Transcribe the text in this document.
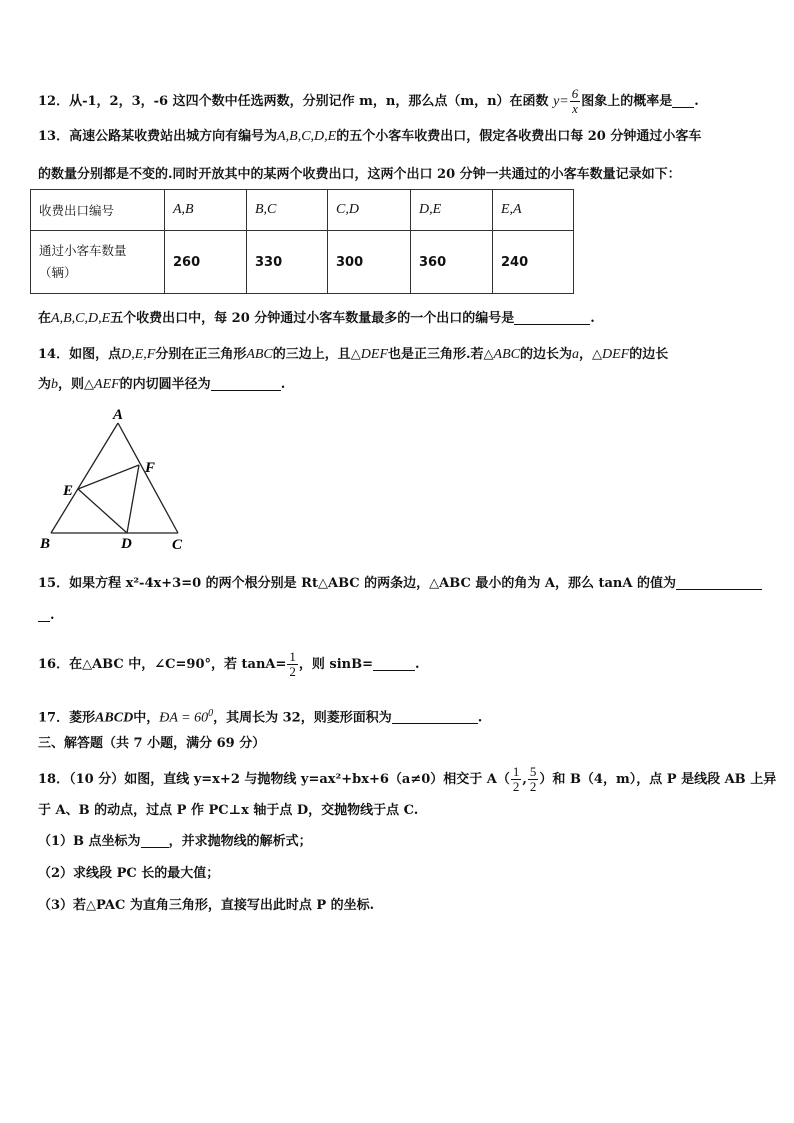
12．从-1，2，3，-6 这四个数中任选两数，分别记作 m，n，那么点（m，n）在函数 $y= \frac{6}{x}$ 图象上的概率是 .
13．高速公路某收费站出城方向有编号为A,B,C,D,E的五个小客车收费出口，假定各收费出口每 20 分钟通过小客车
的数量分别都是不变的.同时开放其中的某两个收费出口，这两个出口 20 分钟一共通过的小客车数量记录如下：
收费出口编号	A,B	B,C	C,D	D,E	E,A
通过小客车数量
（辆）	260	330	300	360	240
在A,B,C,D,E五个收费出口中，每 20 分钟通过小客车数量最多的一个出口的编号是	.
14．如图，点D,E,F分别在正三角形ABC的三边上，且△DEF也是正三角形.若△ABC的边长为a，△DEF的边长
为b，则△AEF的内切圆半径为	.
A
F
E
B	D	C
15．如果方程 x²-4x+3=0 的两个根分别是 Rt△ABC 的两条边，△ABC 最小的角为 A，那么 tanA 的值为
.
16．在△ABC 中，∠C=90°，若 $\tan A= \frac{1}{2}$ ，则 sinB=	.
17．菱形ABCD中，ÐA = $60^0$，其周长为 32，则菱形面积为	.
三、解答题（共 7 小题，满分 69 分）
18．（10 分）如图，直线 y=x+2 与抛物线 y=ax²+bx+6（a≠0）相交于 $A( \frac{1}{2}$ , $\frac{5}{2}$ ）和 B（4，m），点 P 是线段 AB 上异
于 A、B 的动点，过点 P 作 PC⊥x 轴于点 D，交抛物线于点 C.
（1）B 点坐标为 ，并求抛物线的解析式；
（2）求线段 PC 长的最大值；
（3）若△PAC 为直角三角形，直接写出此时点 P 的坐标.
